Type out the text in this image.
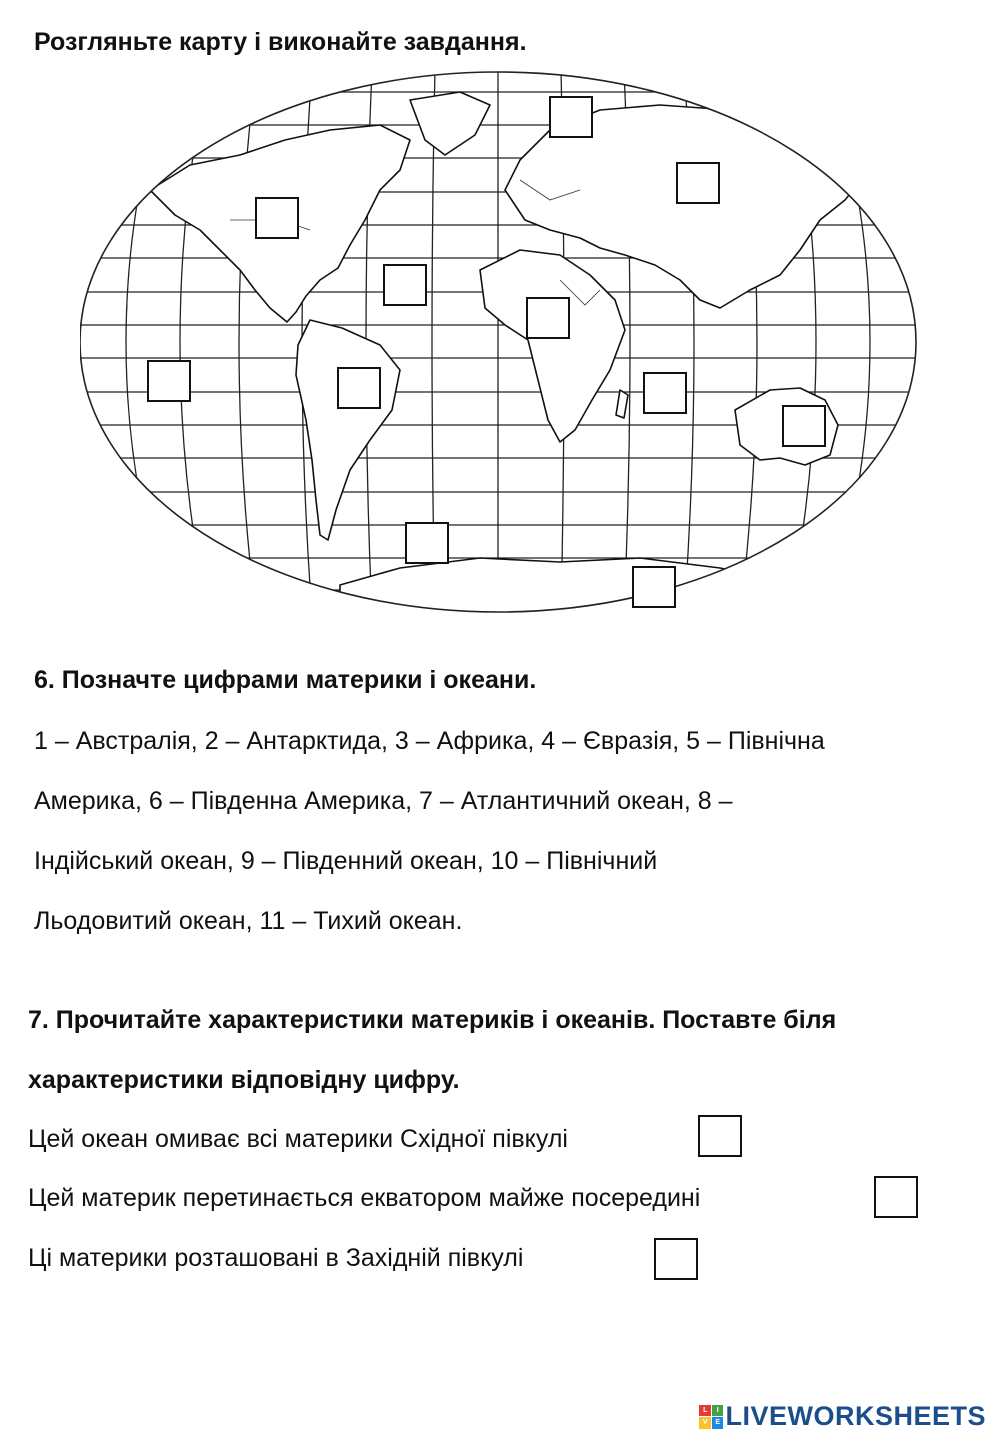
Розгляньте карту і виконайте завдання.
6. Позначте цифрами материки і океани.
1 – Австралія, 2 – Антарктида, 3 – Африка, 4 – Євразія, 5 – Північна
Америка, 6 – Південна Америка, 7 – Атлантичний океан, 8 –
Індійський океан, 9 – Південний океан, 10 – Північний
Льодовитий океан, 11 – Тихий океан.
7. Прочитайте характеристики материків і океанів. Поставте біля
характеристики відповідну цифру.
Цей океан омиває всі материки Східної півкулі
Цей материк перетинається екватором майже посередині
Ці материки розташовані в Західній півкулі
L	I
V	E LIVEWORKSHEETS
